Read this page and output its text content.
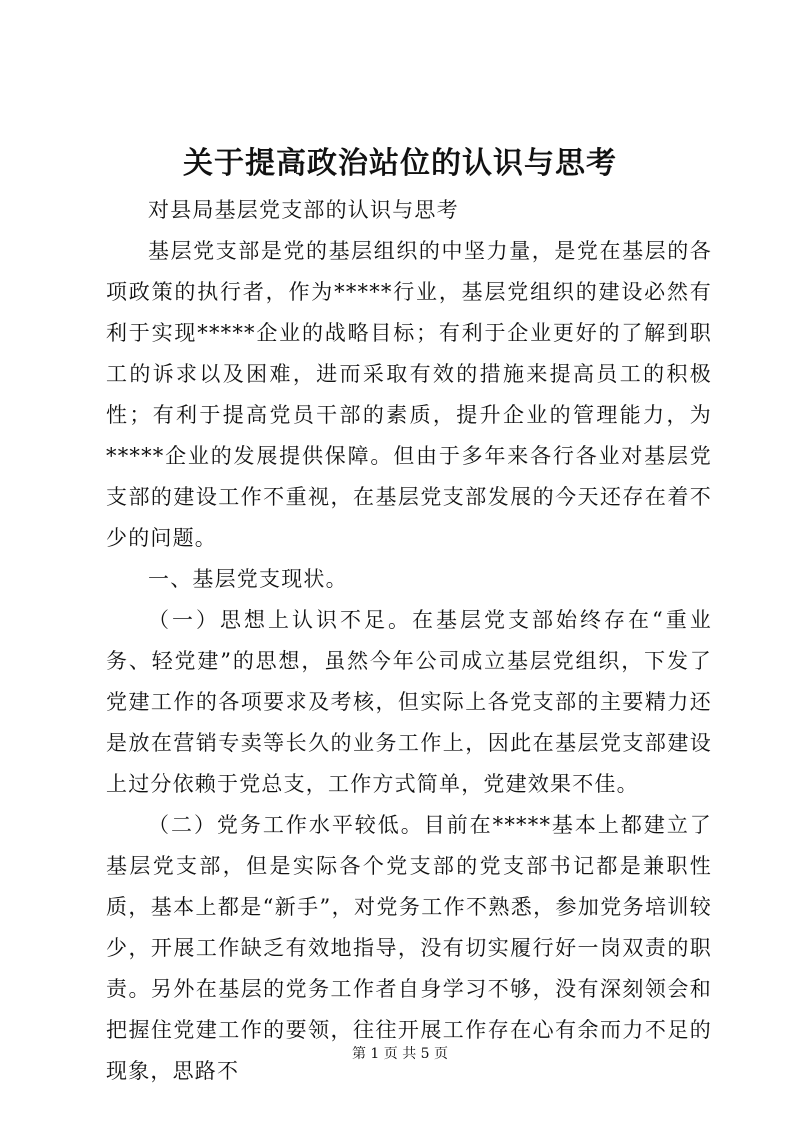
关于提高政治站位的认识与思考

对县局基层党支部的认识与思考

基层党支部是党的基层组织的中坚力量，是党在基层的各项政策的执行者，作为*****行业，基层党组织的建设必然有利于实现*****企业的战略目标；有利于企业更好的了解到职工的诉求以及困难，进而采取有效的措施来提高员工的积极性；有利于提高党员干部的素质，提升企业的管理能力，为*****企业的发展提供保障。但由于多年来各行各业对基层党支部的建设工作不重视，在基层党支部发展的今天还存在着不少的问题。

一、基层党支现状。

（一）思想上认识不足。在基层党支部始终存在“重业务、轻党建”的思想，虽然今年公司成立基层党组织，下发了党建工作的各项要求及考核，但实际上各党支部的主要精力还是放在营销专卖等长久的业务工作上，因此在基层党支部建设上过分依赖于党总支，工作方式简单，党建效果不佳。

（二）党务工作水平较低。目前在*****基本上都建立了基层党支部，但是实际各个党支部的党支部书记都是兼职性质，基本上都是“新手”，对党务工作不熟悉，参加党务培训较少，开展工作缺乏有效地指导，没有切实履行好一岗双责的职责。另外在基层的党务工作者自身学习不够，没有深刻领会和把握住党建工作的要领，往往开展工作存在心有余而力不足的现象，思路不

第 1 页 共 5 页
